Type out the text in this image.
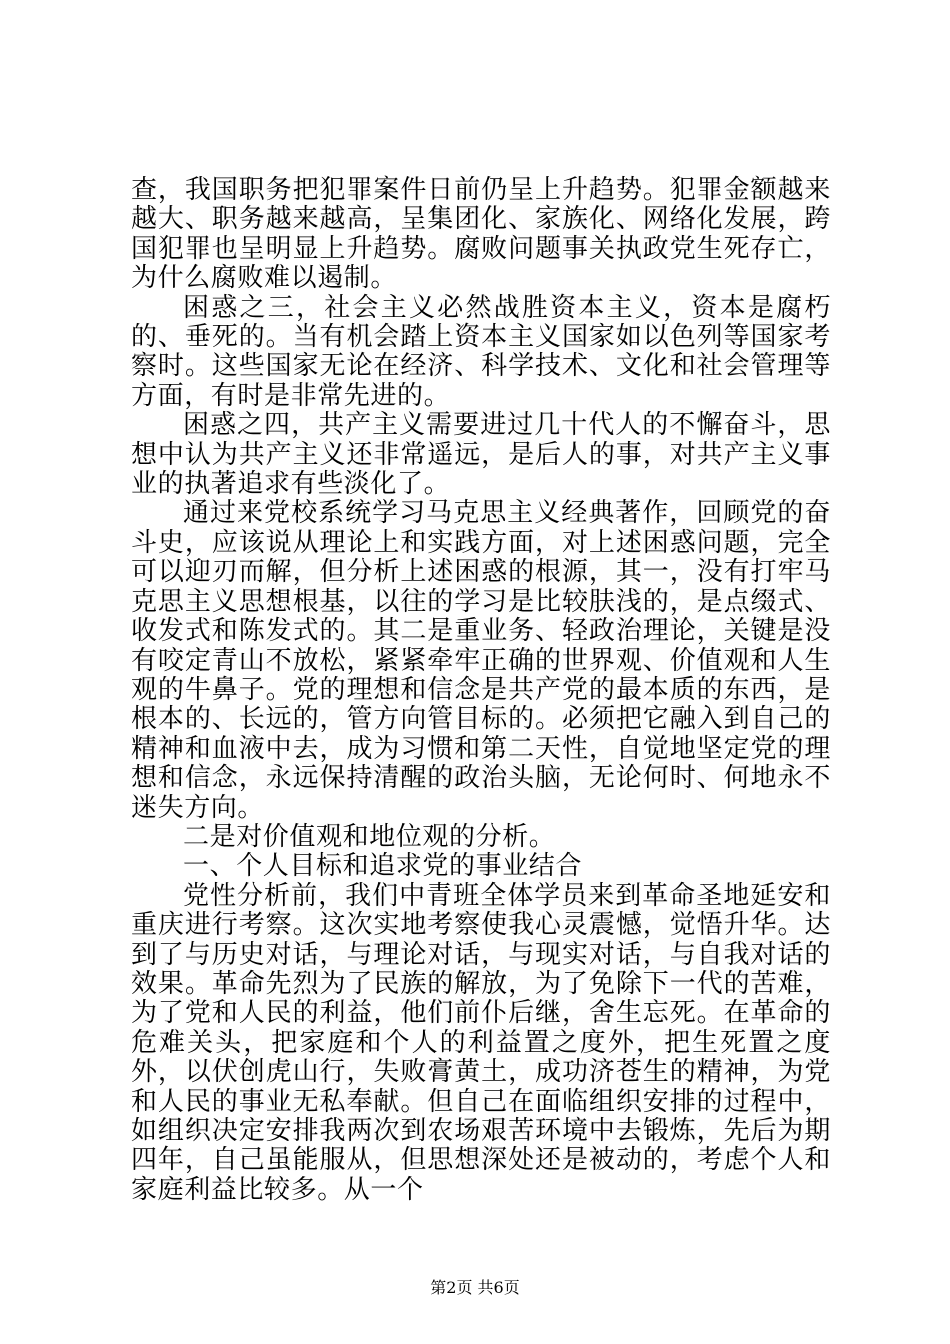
查，我国职务把犯罪案件日前仍呈上升趋势。犯罪金额越来越大、职务越来越高，呈集团化、家族化、网络化发展，跨国犯罪也呈明显上升趋势。腐败问题事关执政党生死存亡，为什么腐败难以遏制。

困惑之三，社会主义必然战胜资本主义，资本是腐朽的、垂死的。当有机会踏上资本主义国家如以色列等国家考察时。这些国家无论在经济、科学技术、文化和社会管理等方面，有时是非常先进的。

困惑之四，共产主义需要进过几十代人的不懈奋斗，思想中认为共产主义还非常遥远，是后人的事，对共产主义事业的执著追求有些淡化了。

通过来党校系统学习马克思主义经典著作，回顾党的奋斗史，应该说从理论上和实践方面，对上述困惑问题，完全可以迎刃而解，但分析上述困惑的根源，其一，没有打牢马克思主义思想根基，以往的学习是比较肤浅的，是点缀式、收发式和陈发式的。其二是重业务、轻政治理论，关键是没有咬定青山不放松，紧紧牵牢正确的世界观、价值观和人生观的牛鼻子。党的理想和信念是共产党的最本质的东西，是根本的、长远的，管方向管目标的。必须把它融入到自己的精神和血液中去，成为习惯和第二天性，自觉地坚定党的理想和信念，永远保持清醒的政治头脑，无论何时、何地永不迷失方向。

二是对价值观和地位观的分析。

一、个人目标和追求党的事业结合

党性分析前，我们中青班全体学员来到革命圣地延安和重庆进行考察。这次实地考察使我心灵震憾，觉悟升华。达到了与历史对话，与理论对话，与现实对话，与自我对话的效果。革命先烈为了民族的解放，为了免除下一代的苦难，为了党和人民的利益，他们前仆后继，舍生忘死。在革命的危难关头，把家庭和个人的利益置之度外，把生死置之度外，以伏创虎山行，失败膏黄土，成功济苍生的精神，为党和人民的事业无私奉献。但自己在面临组织安排的过程中，如组织决定安排我两次到农场艰苦环境中去锻炼，先后为期四年，自己虽能服从，但思想深处还是被动的，考虑个人和家庭利益比较多。从一个

第2页 共6页
